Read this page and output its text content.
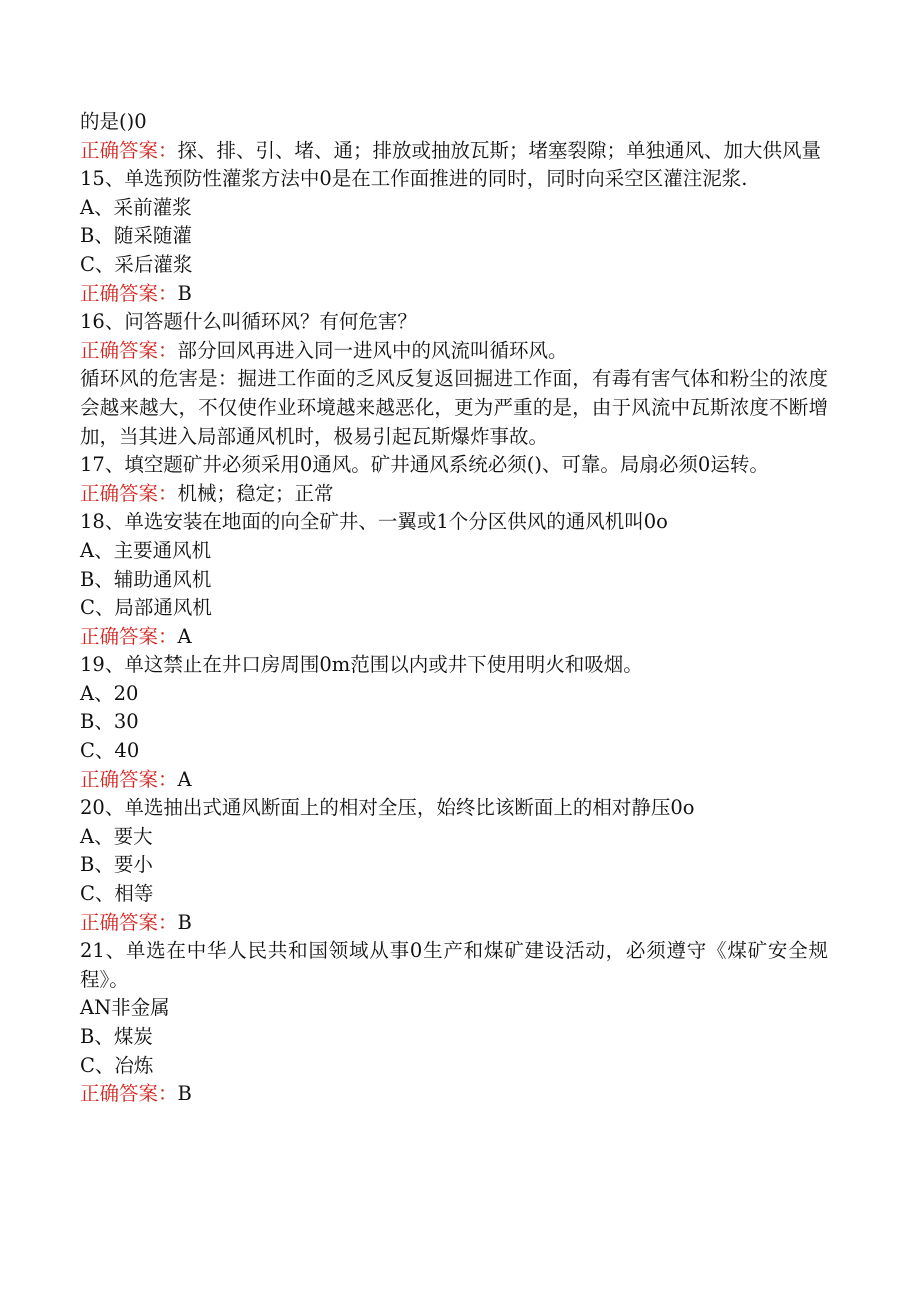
的是()0
正确答案：探、排、引、堵、通；排放或抽放瓦斯；堵塞裂隙；单独通风、加大供风量
15、单选预防性灌浆方法中0是在工作面推进的同时，同时向采空区灌注泥浆.
A、采前灌浆
B、随采随灌
C、采后灌浆
正确答案：B
16、问答题什么叫循环风？有何危害？
正确答案：部分回风再进入同一进风中的风流叫循环风。
循环风的危害是：掘进工作面的乏风反复返回掘进工作面，有毒有害气体和粉尘的浓度会越来越大，不仅使作业环境越来越恶化，更为严重的是，由于风流中瓦斯浓度不断增加，当其进入局部通风机时，极易引起瓦斯爆炸事故。
17、填空题矿井必须采用0通风。矿井通风系统必须()、可靠。局扇必须0运转。
正确答案：机械；稳定；正常
18、单选安装在地面的向全矿井、一翼或1个分区供风的通风机叫0o
A、主要通风机
B、辅助通风机
C、局部通风机
正确答案：A
19、单这禁止在井口房周围0m范围以内或井下使用明火和吸烟。
A、20
B、30
C、40
正确答案：A
20、单选抽出式通风断面上的相对全压，始终比该断面上的相对静压0o
A、要大
B、要小
C、相等
正确答案：B
21、单选在中华人民共和国领域从事0生产和煤矿建设活动，必须遵守《煤矿安全规程》。
AN非金属
B、煤炭
C、冶炼
正确答案：B
